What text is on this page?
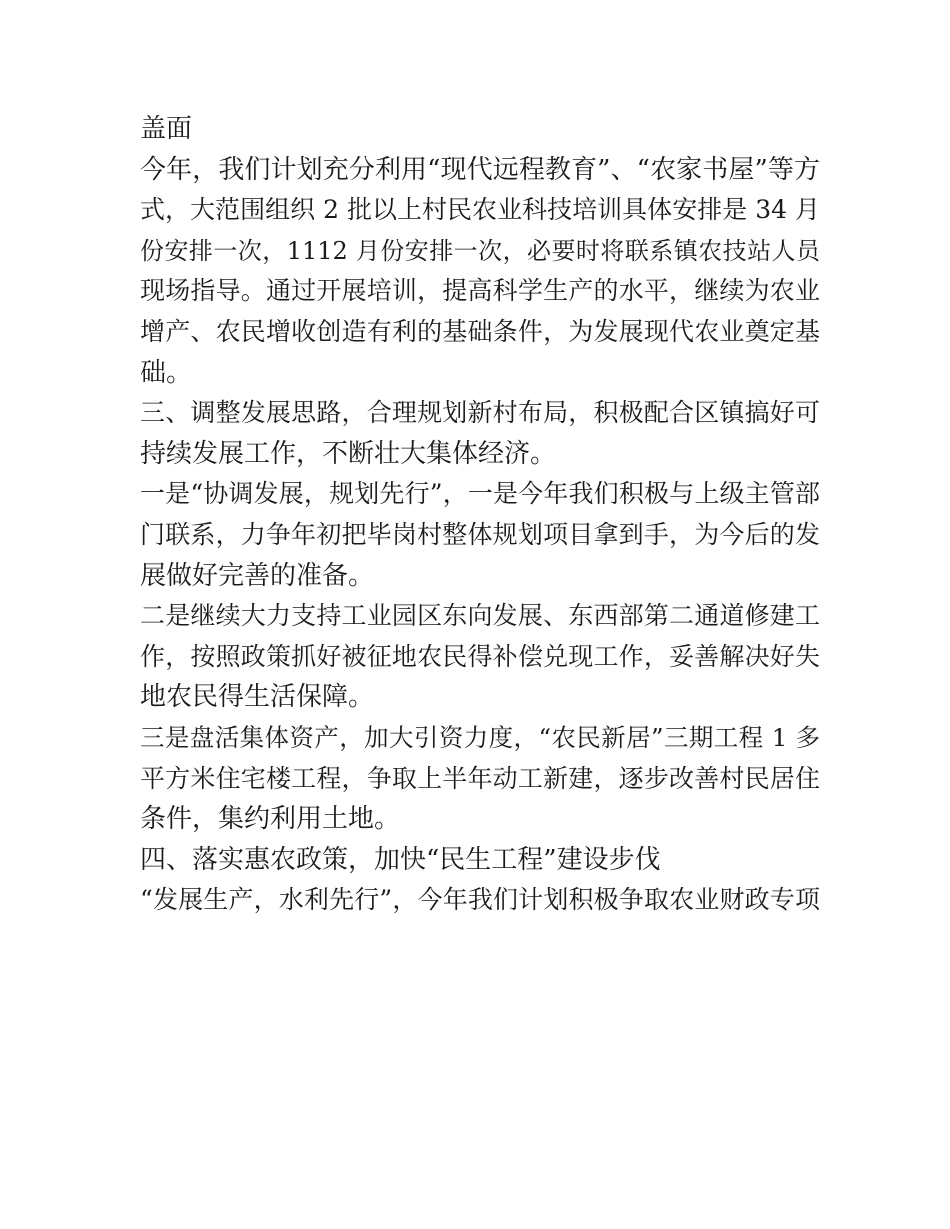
盖面
今年，我们计划充分利用“现代远程教育”、“农家书屋”等方
式，大范围组织 2 批以上村民农业科技培训具体安排是 34 月
份安排一次，1112 月份安排一次，必要时将联系镇农技站人员
现场指导。通过开展培训，提高科学生产的水平，继续为农业
增产、农民增收创造有利的基础条件，为发展现代农业奠定基
础。
三、调整发展思路，合理规划新村布局，积极配合区镇搞好可
持续发展工作，不断壮大集体经济。
一是“协调发展，规划先行”，一是今年我们积极与上级主管部
门联系，力争年初把毕岗村整体规划项目拿到手，为今后的发
展做好完善的准备。
二是继续大力支持工业园区东向发展、东西部第二通道修建工
作，按照政策抓好被征地农民得补偿兑现工作，妥善解决好失
地农民得生活保障。
三是盘活集体资产，加大引资力度，“农民新居”三期工程 1 多
平方米住宅楼工程，争取上半年动工新建，逐步改善村民居住
条件，集约利用土地。
四、落实惠农政策，加快“民生工程”建设步伐
“发展生产，水利先行”，今年我们计划积极争取农业财政专项
